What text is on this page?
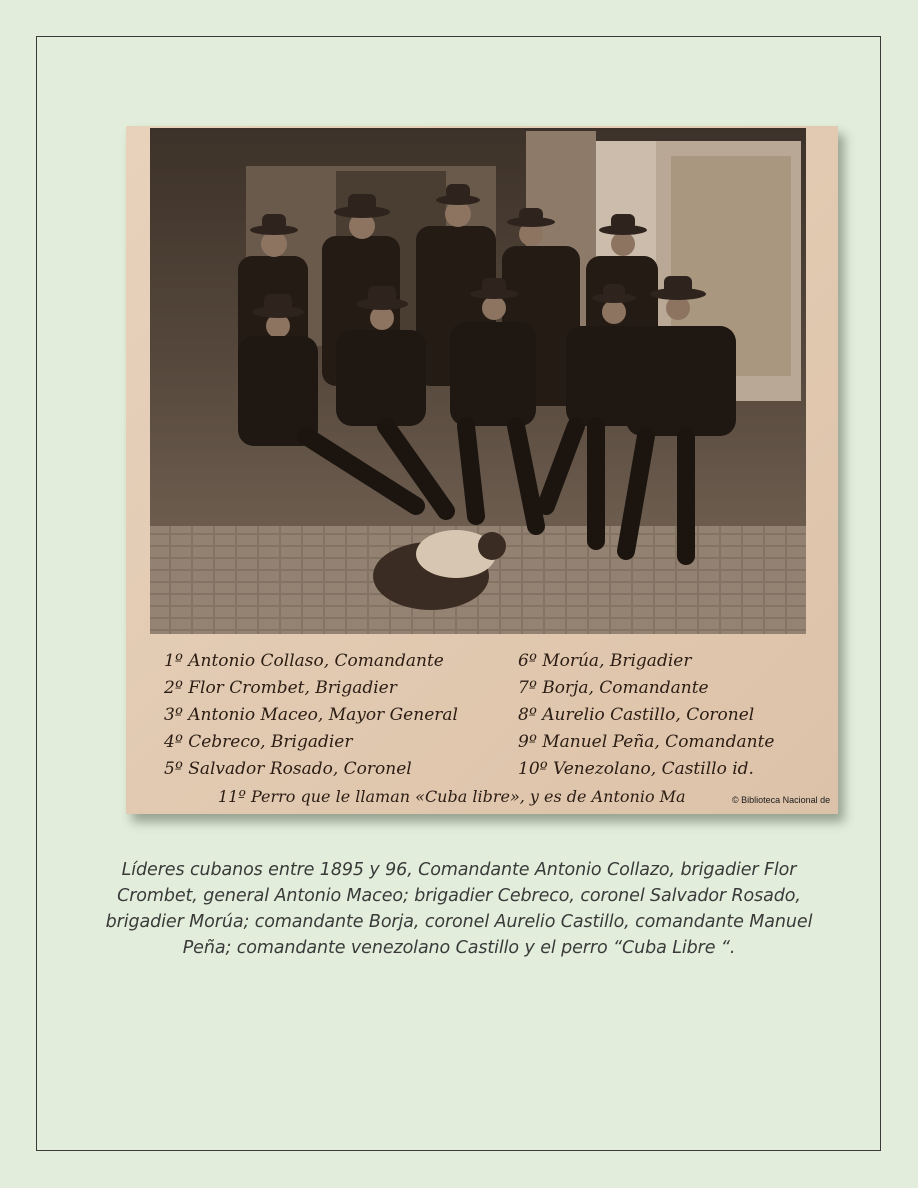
1º Antonio Collaso, Comandante
2º Flor Crombet, Brigadier
3º Antonio Maceo, Mayor General
4º Cebreco, Brigadier
5º Salvador Rosado, Coronel
6º Morúa, Brigadier
7º Borja, Comandante
8º Aurelio Castillo, Coronel
9º Manuel Peña, Comandante
10º Venezolano, Castillo id.
11º Perro que le llaman «Cuba libre», y es de Antonio Ma	© Biblioteca Nacional de
Líderes cubanos entre 1895 y 96, Comandante Antonio Collazo, brigadier Flor Crombet, general Antonio Maceo; brigadier Cebreco, coronel Salvador Rosado, brigadier Morúa; comandante Borja, coronel Aurelio Castillo, comandante Manuel Peña; comandante venezolano Castillo y el perro “Cuba Libre “.
